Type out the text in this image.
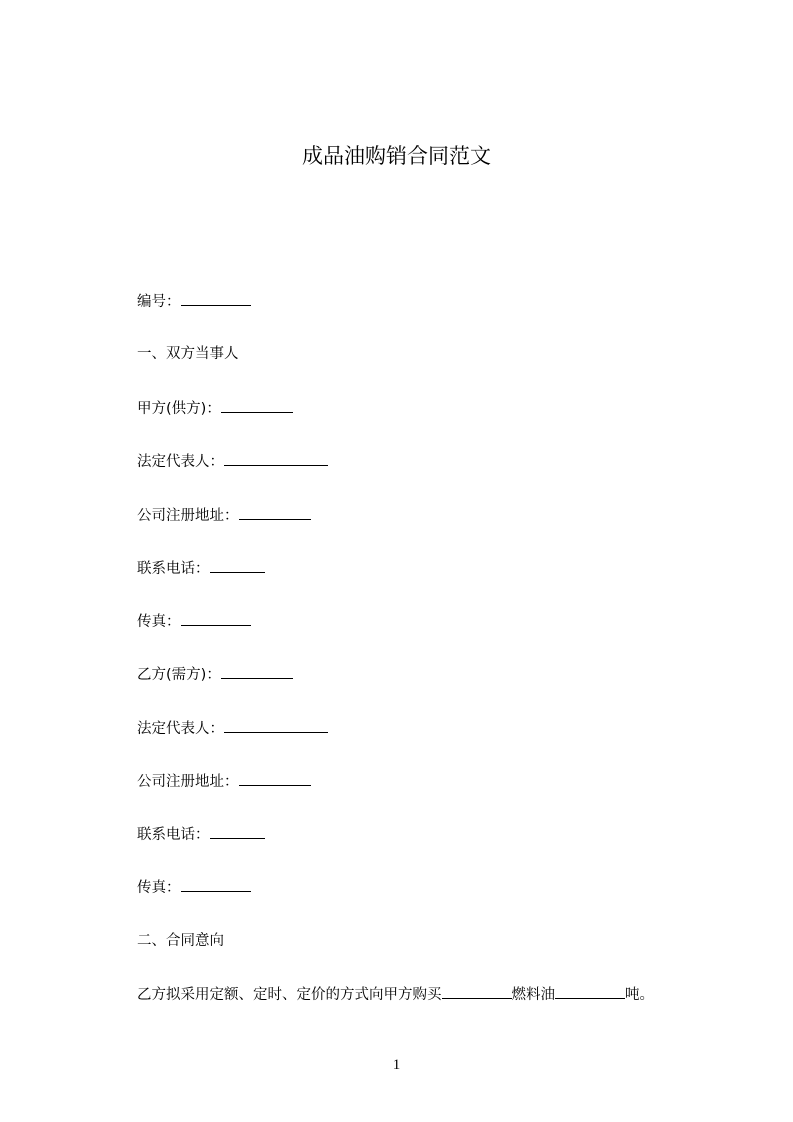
成品油购销合同范文
编号：
一、双方当事人
甲方(供方)：
法定代表人：
公司注册地址：
联系电话：
传真：
乙方(需方)：
法定代表人：
公司注册地址：
联系电话：
传真：
二、合同意向
乙方拟采用定额、定时、定价的方式向甲方购买	燃料油	吨。
1
